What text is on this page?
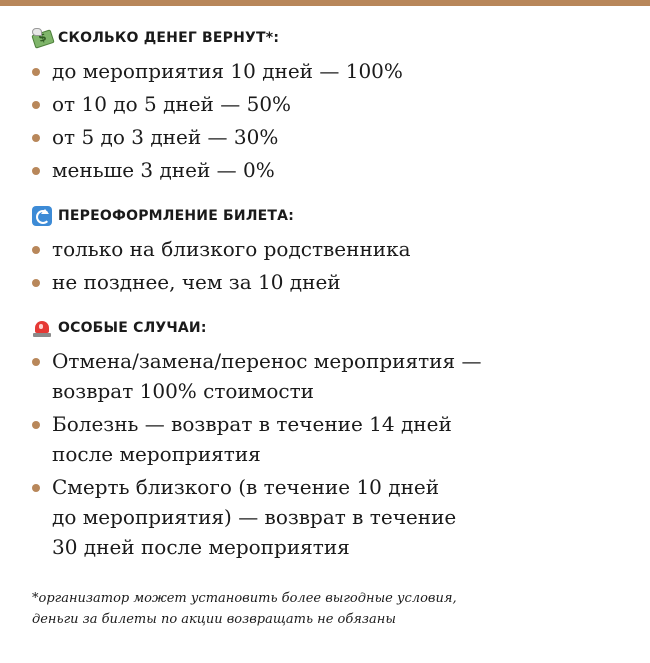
$
СКОЛЬКО ДЕНЕГ ВЕРНУТ*:
до мероприятия 10 дней — 100%
от 10 до 5 дней — 50%
от 5 до 3 дней — 30%
меньше 3 дней — 0%
ПЕРЕОФОРМЛЕНИЕ БИЛЕТА:
только на близкого родственника
не позднее, чем за 10 дней
ОСОБЫЕ СЛУЧАИ:
Отмена/замена/перенос мероприятия —
возврат 100% стоимости
Болезнь — возврат в течение 14 дней
после мероприятия
Смерть близкого (в течение 10 дней
до мероприятия) — возврат в течение
30 дней после мероприятия
*организатор может установить более выгодные условия,
деньги за билеты по акции возвращать не обязаны
